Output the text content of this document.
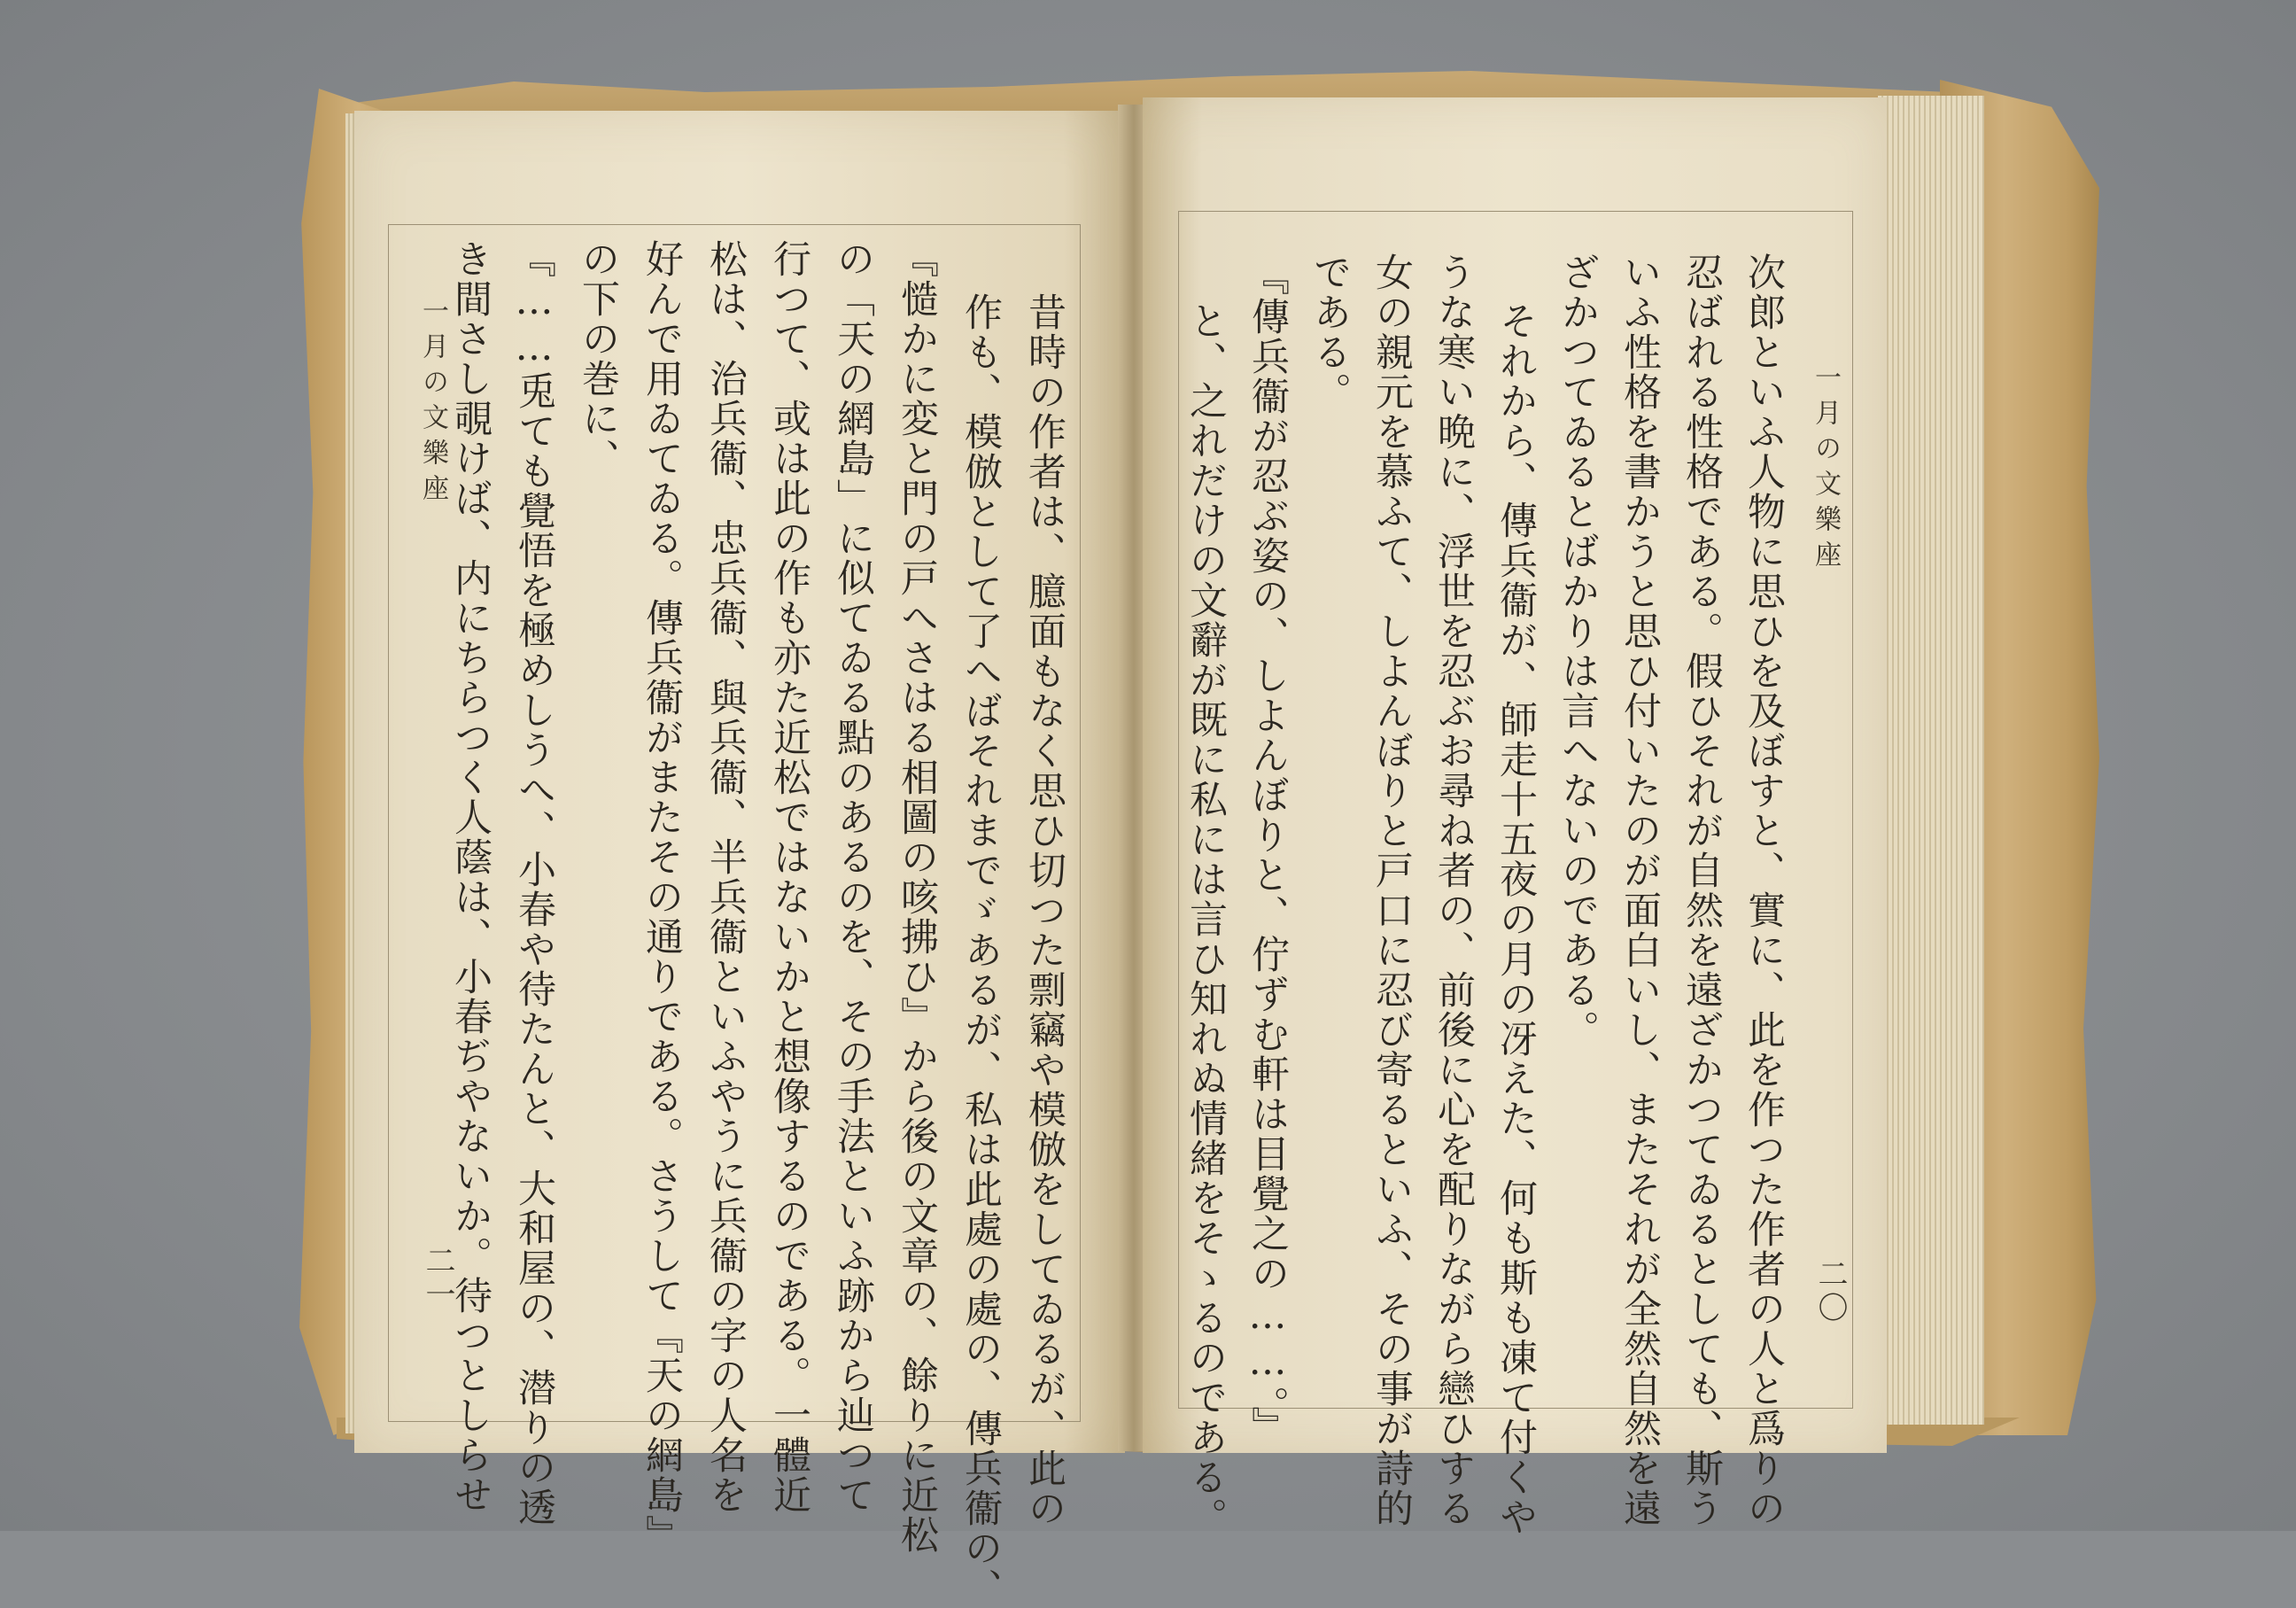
一月の文樂座
二一	昔時の作者は、臆面もなく思ひ切つた剽竊や模倣をしてゐるが、此の
作も、模倣として了へばそれまでゞあるが、私は此處の處の、傳兵衞の、
『慥かに変と門の戸へさはる相圖の咳拂ひ』から後の文章の、餘りに近松
の「天の網島」に似てゐる點のあるのを、その手法といふ跡から辿つて
行つて、或は此の作も亦た近松ではないかと想像するのである。一體近
松は、治兵衞、忠兵衞、與兵衞、半兵衞といふやうに兵衞の字の人名を
好んで用ゐてゐる。傳兵衞がまたその通りである。さうして『天の網島』
の下の巻に、
『……兎ても覺悟を極めしうへ、小春や待たんと、大和屋の、潜りの透
き間さし覗けば、内にちらつく人蔭は、小春ぢやないか。待つとしらせ	一月の文樂座
二〇
次郎といふ人物に思ひを及ぼすと、實に、此を作つた作者の人と爲りの
忍ばれる性格である。假ひそれが自然を遠ざかつてゐるとしても、斯う
いふ性格を書かうと思ひ付いたのが面白いし、またそれが全然自然を遠
ざかつてゐるとばかりは言へないのである。
それから、傳兵衞が、師走十五夜の月の冴えた、何も斯も凍て付くや
うな寒い晩に、浮世を忍ぶお尋ね者の、前後に心を配りながら戀ひする
女の親元を慕ふて、しよんぼりと戸口に忍び寄るといふ、その事が詩的
である。
『傳兵衞が忍ぶ姿の、しよんぼりと、佇ずむ軒は目覺之の……。』
と、之れだけの文辭が既に私には言ひ知れぬ情緒をそゝるのである。
